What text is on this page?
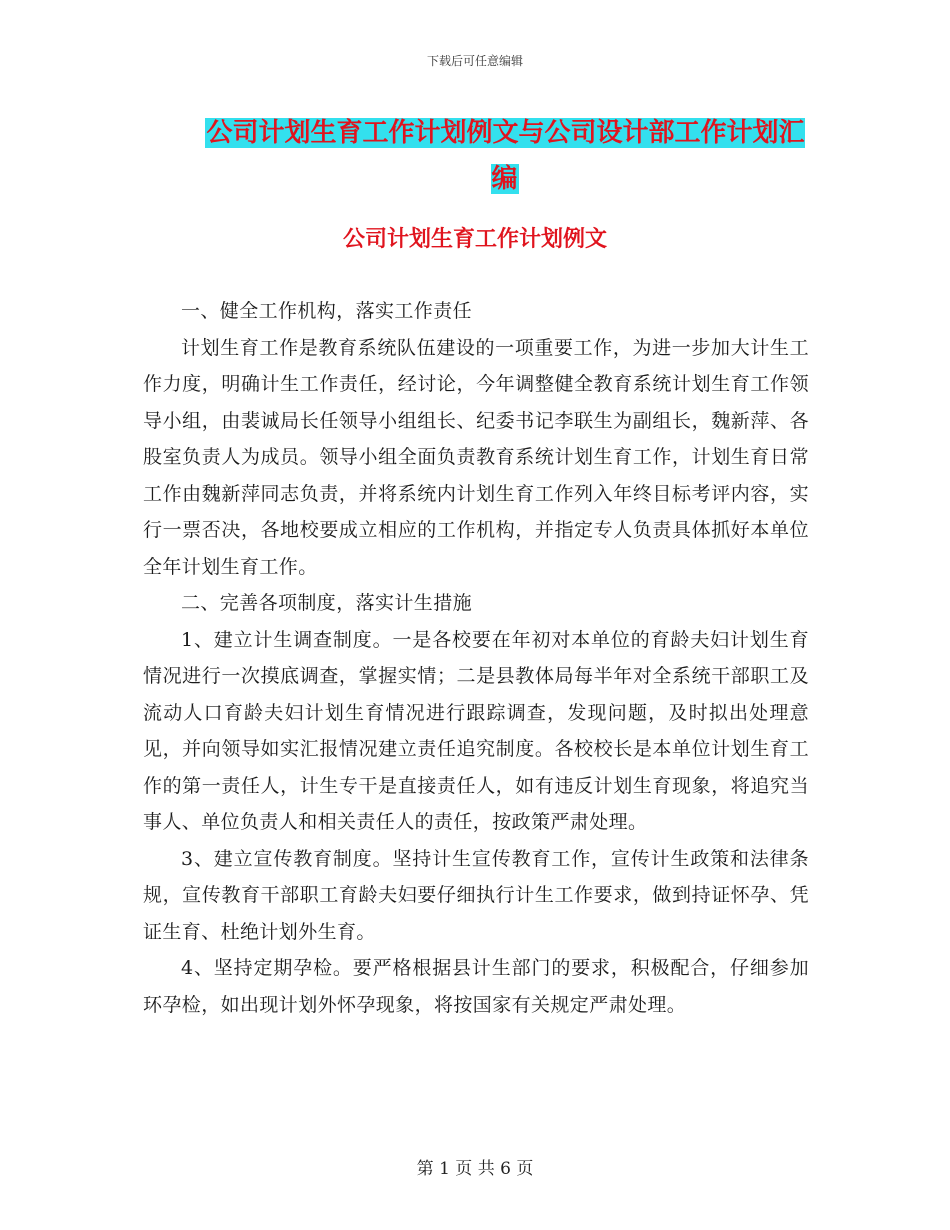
下载后可任意编辑
公司计划生育工作计划例文与公司设计部工作计划汇编
公司计划生育工作计划例文

一、健全工作机构，落实工作责任

计划生育工作是教育系统队伍建设的一项重要工作，为进一步加大计生工作力度，明确计生工作责任，经讨论，今年调整健全教育系统计划生育工作领导小组，由裴诚局长任领导小组组长、纪委书记李联生为副组长，魏新萍、各股室负责人为成员。领导小组全面负责教育系统计划生育工作，计划生育日常工作由魏新萍同志负责，并将系统内计划生育工作列入年终目标考评内容，实行一票否决，各地校要成立相应的工作机构，并指定专人负责具体抓好本单位全年计划生育工作。

二、完善各项制度，落实计生措施

1、建立计生调查制度。一是各校要在年初对本单位的育龄夫妇计划生育情况进行一次摸底调查，掌握实情；二是县教体局每半年对全系统干部职工及流动人口育龄夫妇计划生育情况进行跟踪调查，发现问题，及时拟出处理意见，并向领导如实汇报情况建立责任追究制度。各校校长是本单位计划生育工作的第一责任人，计生专干是直接责任人，如有违反计划生育现象，将追究当事人、单位负责人和相关责任人的责任，按政策严肃处理。

3、建立宣传教育制度。坚持计生宣传教育工作，宣传计生政策和法律条规，宣传教育干部职工育龄夫妇要仔细执行计生工作要求，做到持证怀孕、凭证生育、杜绝计划外生育。

4、坚持定期孕检。要严格根据县计生部门的要求，积极配合，仔细参加环孕检，如出现计划外怀孕现象，将按国家有关规定严肃处理。

第 1 页 共 6 页
